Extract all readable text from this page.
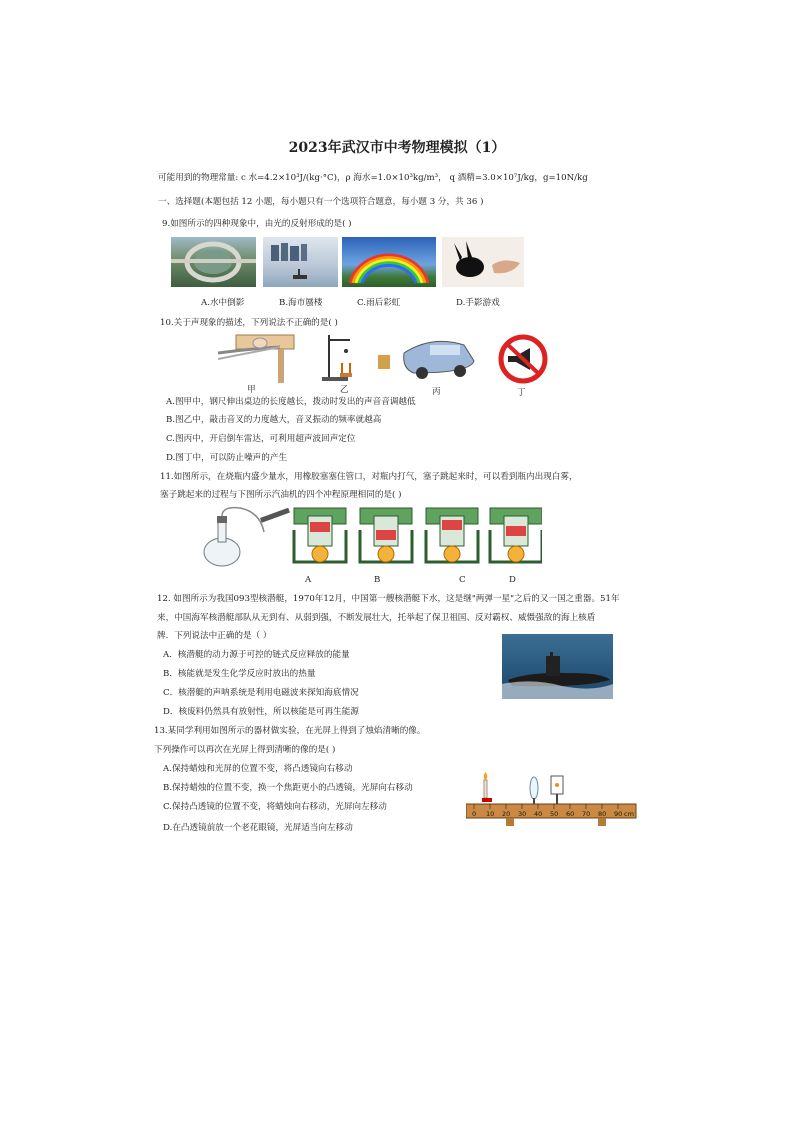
2023年武汉市中考物理模拟（1）
可能用到的物理常量: c 水=4.2×10³J/(kg·°C)，ρ 海水=1.0×10³kg/m³， q 酒精=3.0×10⁷J/kg，g=10N/kg
一、选择题(本题包括 12 小题，每小题只有一个选项符合题意，每小题 3 分，共 36 )
9.如图所示的四种现象中，由光的反射形成的是( )
A.水中倒影	B.海市蜃楼	C.雨后彩虹	D.手影游戏
10.关于声现象的描述，下列说法不正确的是( )
甲	乙	丙	丁
A.图甲中，钢尺伸出桌边的长度越长，拨动时发出的声音音调越低
B.图乙中，敲击音叉的力度越大，音叉振动的频率就越高
C.图丙中，开启倒车雷达，可利用超声波回声定位
D.图丁中，可以防止噪声的产生
11.如图所示，在烧瓶内盛少量水，用橡胶塞塞住管口，对瓶内打气，塞子跳起来时，可以看到瓶内出现白雾，
塞子跳起来的过程与下图所示汽油机的四个冲程原理相同的是( )
A	B	C	D
12. 如图所示为我国093型核潜艇，1970年12月，中国第一艘核潜艇下水，这是继"两弹一星"之后的又一国之重器。51年
来，中国海军核潜艇部队从无到有、从弱到强，不断发展壮大，托举起了保卫祖国、反对霸权、威慑强敌的海上核盾
牌．下列说法中正确的是（ ）
A．核潜艇的动力源于可控的链式反应释放的能量
B．核能就是发生化学反应时放出的热量
C．核潜艇的声呐系统是利用电磁波来探知海底情况
D．核废料仍然具有放射性，所以核能是可再生能源
13.某同学利用如图所示的器材做实验，在光屏上得到了烛焰清晰的像。
下列操作可以再次在光屏上得到清晰的像的是( )
A.保持蜡烛和光屏的位置不变，将凸透镜向右移动
B.保持蜡烛的位置不变，换一个焦距更小的凸透镜，光屏向右移动
C.保持凸透镜的位置不变，将蜡烛向右移动，光屏向左移动
D.在凸透镜前放一个老花眼镜，光屏适当向左移动
0 10 20 30 40 50 60 70 80 90 cm
